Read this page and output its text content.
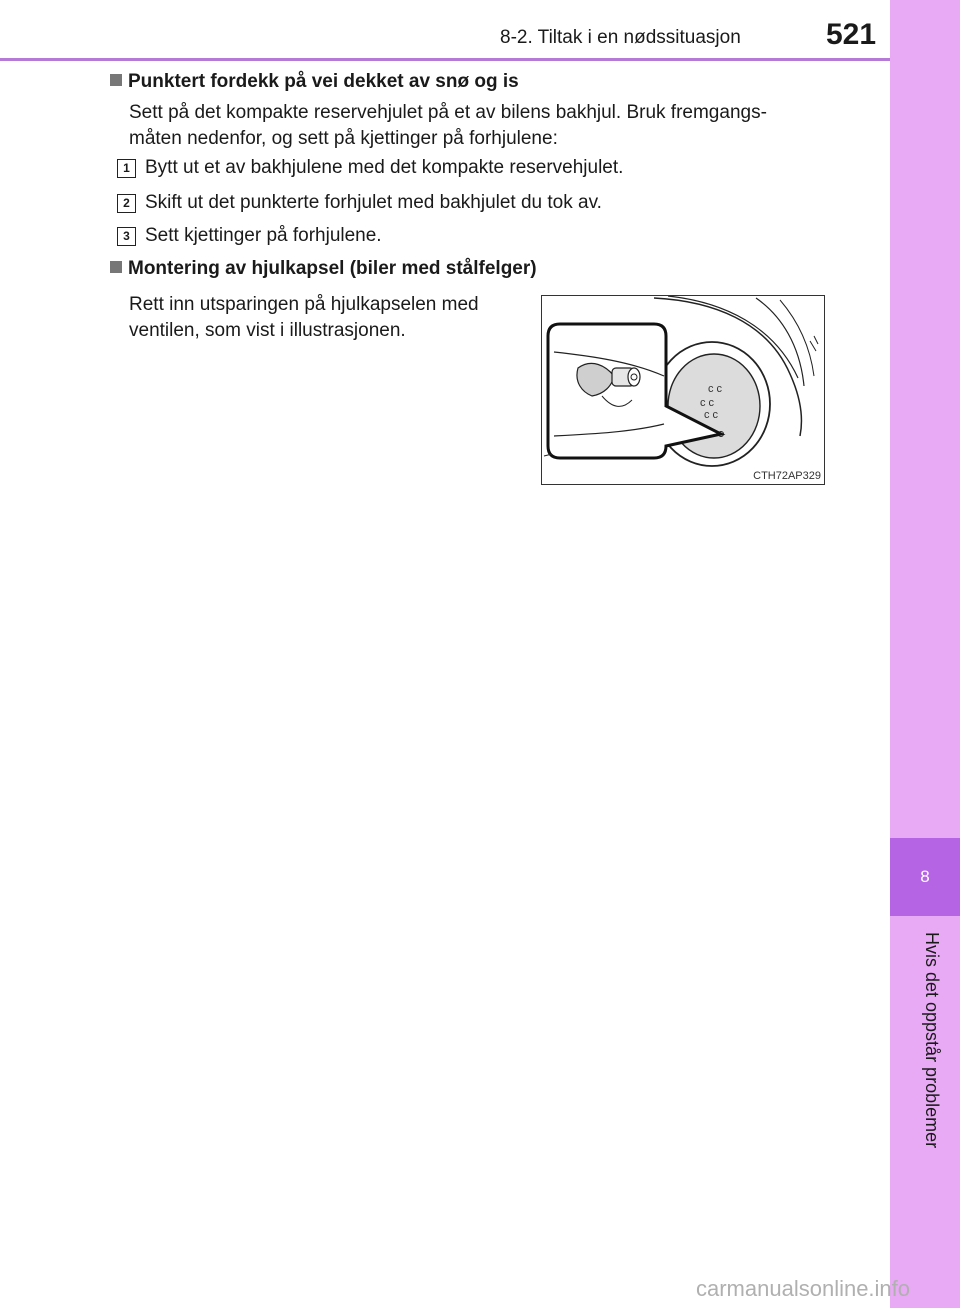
8-2. Tiltak i en nødssituasjon	521
8
Hvis det oppstår problemer
Punktert fordekk på vei dekket av snø og is
Sett på det kompakte reservehjulet på et av bilens bakhjul. Bruk fremgangs-
måten nedenfor, og sett på kjettinger på forhjulene:
1 Bytt ut et av bakhjulene med det kompakte reservehjulet.
2 Skift ut det punkterte forhjulet med bakhjulet du tok av.
3 Sett kjettinger på forhjulene.
Montering av hjulkapsel (biler med stålfelger)
Rett inn utsparingen på hjulkapselen med
ventilen, som vist i illustrasjonen.
c c
c c
c c
CTH72AP329
carmanualsonline.info
